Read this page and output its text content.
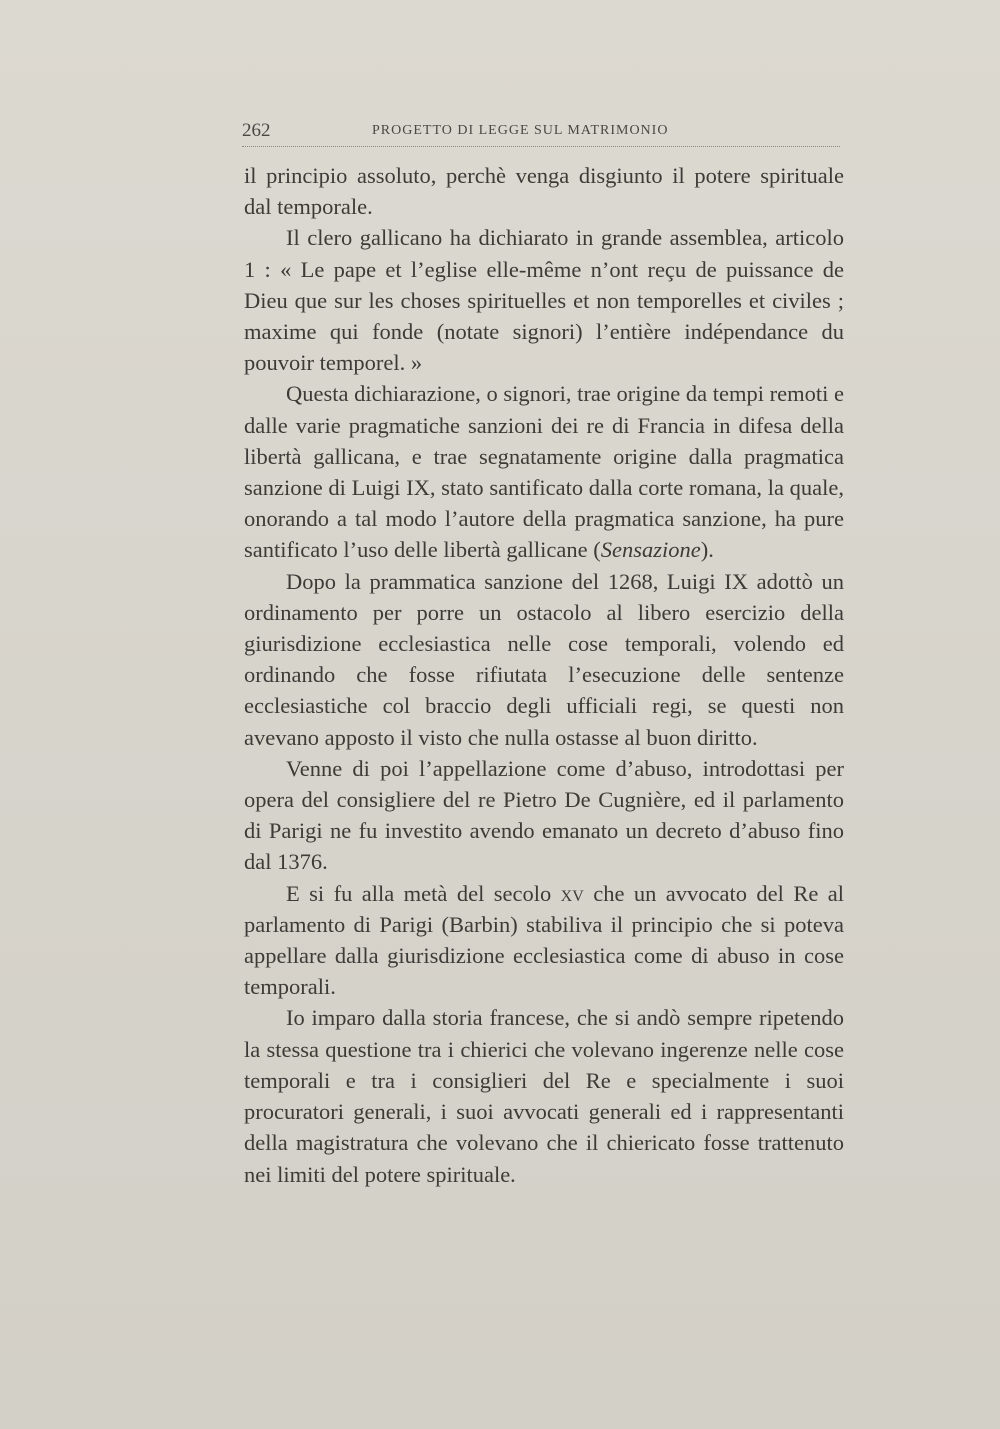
262	PROGETTO DI LEGGE SUL MATRIMONIO

il principio assoluto, perchè venga disgiunto il potere spirituale dal temporale.

Il clero gallicano ha dichiarato in grande assemblea, articolo 1 : « Le pape et l’eglise elle-même n’ont reçu de puissance de Dieu que sur les choses spirituelles et non temporelles et civiles ; maxime qui fonde (notate signori) l’entière indépendance du pouvoir temporel. »

Questa dichiarazione, o signori, trae origine da tempi remoti e dalle varie pragmatiche sanzioni dei re di Francia in difesa della libertà gallicana, e trae segnatamente origine dalla pragmatica sanzione di Luigi IX, stato santificato dalla corte romana, la quale, onorando a tal modo l’autore della pragmatica sanzione, ha pure santificato l’uso delle libertà gallicane (Sensazione).

Dopo la prammatica sanzione del 1268, Luigi IX adottò un ordinamento per porre un ostacolo al libero esercizio della giurisdizione ecclesiastica nelle cose temporali, volendo ed ordinando che fosse rifiutata l’esecuzione delle sentenze ecclesiastiche col braccio degli ufficiali regi, se questi non avevano apposto il visto che nulla ostasse al buon diritto.

Venne di poi l’appellazione come d’abuso, introdottasi per opera del consigliere del re Pietro De Cugnière, ed il parlamento di Parigi ne fu investito avendo emanato un decreto d’abuso fino dal 1376.

E si fu alla metà del secolo xv che un avvocato del Re al parlamento di Parigi (Barbin) stabiliva il principio che si poteva appellare dalla giurisdizione ecclesiastica come di abuso in cose temporali.

Io imparo dalla storia francese, che si andò sempre ripetendo la stessa questione tra i chierici che volevano ingerenze nelle cose temporali e tra i consiglieri del Re e specialmente i suoi procuratori generali, i suoi avvocati generali ed i rappresentanti della magistratura che volevano che il chiericato fosse trattenuto nei limiti del potere spirituale.
